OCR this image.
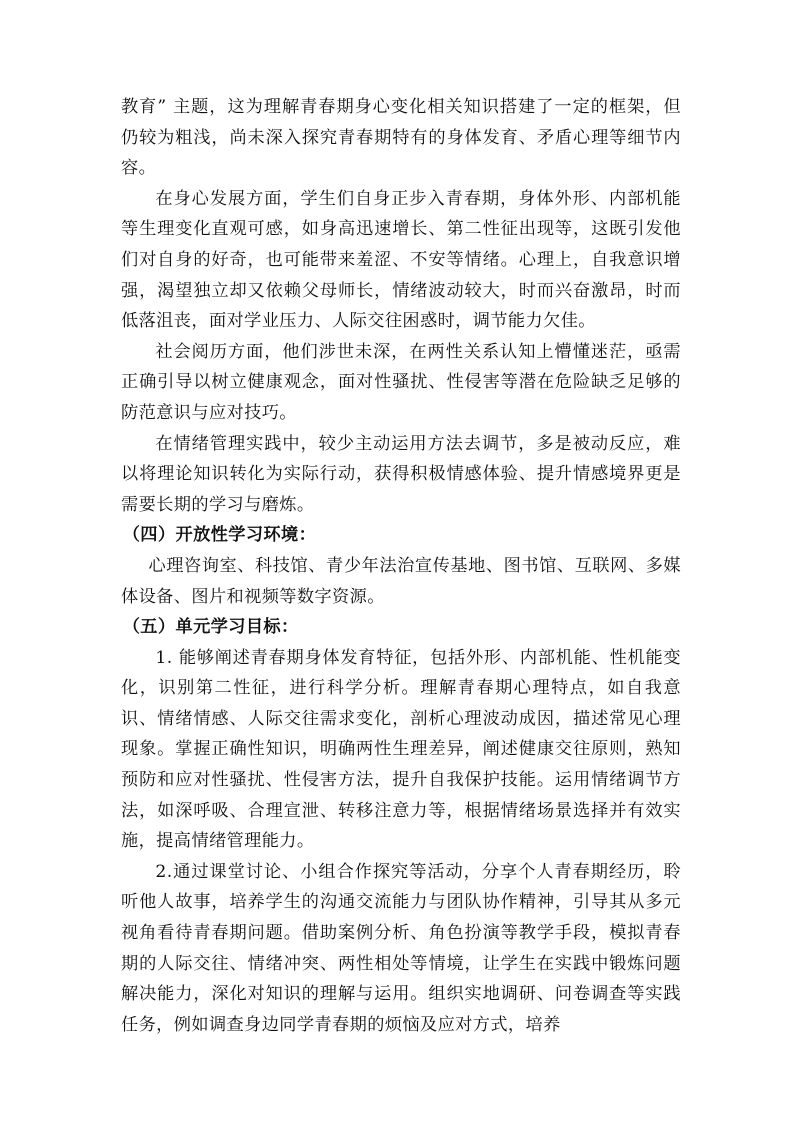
教育” 主题，这为理解青春期身心变化相关知识搭建了一定的框架，但仍较为粗浅，尚未深入探究青春期特有的身体发育、矛盾心理等细节内容。

在身心发展方面，学生们自身正步入青春期，身体外形、内部机能等生理变化直观可感，如身高迅速增长、第二性征出现等，这既引发他们对自身的好奇，也可能带来羞涩、不安等情绪。心理上，自我意识增强，渴望独立却又依赖父母师长，情绪波动较大，时而兴奋激昂，时而低落沮丧，面对学业压力、人际交往困惑时，调节能力欠佳。

社会阅历方面，他们涉世未深，在两性关系认知上懵懂迷茫，亟需正确引导以树立健康观念，面对性骚扰、性侵害等潜在危险缺乏足够的防范意识与应对技巧。

在情绪管理实践中，较少主动运用方法去调节，多是被动反应，难以将理论知识转化为实际行动，获得积极情感体验、提升情感境界更是需要长期的学习与磨炼。

（四）开放性学习环境：

心理咨询室、科技馆、青少年法治宣传基地、图书馆、互联网、多媒体设备、图片和视频等数字资源。

（五）单元学习目标：

1. 能够阐述青春期身体发育特征，包括外形、内部机能、性机能变化，识别第二性征，进行科学分析。理解青春期心理特点，如自我意识、情绪情感、人际交往需求变化，剖析心理波动成因，描述常见心理现象。掌握正确性知识，明确两性生理差异，阐述健康交往原则，熟知预防和应对性骚扰、性侵害方法，提升自我保护技能。运用情绪调节方法，如深呼吸、合理宣泄、转移注意力等，根据情绪场景选择并有效实施，提高情绪管理能力。

2.通过课堂讨论、小组合作探究等活动，分享个人青春期经历，聆听他人故事，培养学生的沟通交流能力与团队协作精神，引导其从多元视角看待青春期问题。借助案例分析、角色扮演等教学手段，模拟青春期的人际交往、情绪冲突、两性相处等情境，让学生在实践中锻炼问题解决能力，深化对知识的理解与运用。组织实地调研、问卷调查等实践任务，例如调查身边同学青春期的烦恼及应对方式，培养
